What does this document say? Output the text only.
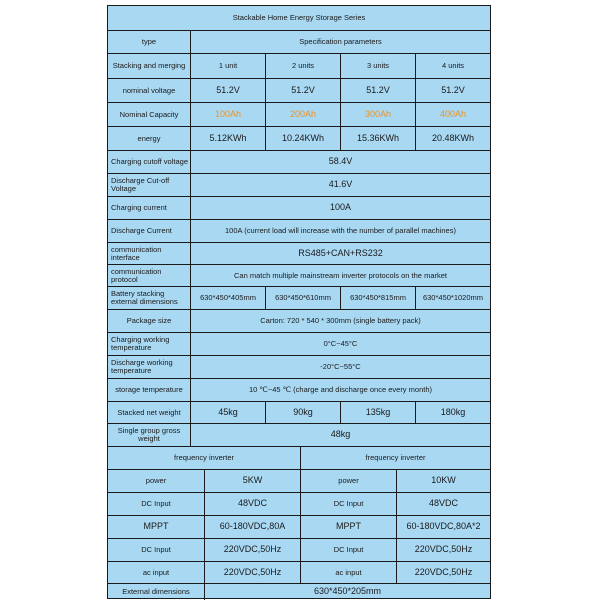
Stackable Home Energy Storage Series
type	Specification parameters
Stacking and merging	1 unit	2 units	3 units	4 units
nominal voltage	51.2V	51.2V	51.2V	51.2V
Nominal Capacity	100Ah	200Ah	300Ah	400Ah
energy	5.12KWh	10.24KWh	15.36KWh	20.48KWh
Charging cutoff voltage	58.4V
Discharge Cut-off Voltage	41.6V
Charging current	100A
Discharge Current	100A (current load will increase with the number of parallel machines)
communication interface	RS485+CAN+RS232
communication protocol	Can match multiple mainstream inverter protocols on the market
Battery stacking external dimensions	630*450*405mm	630*450*610mm	630*450*815mm	630*450*1020mm
Package size	Carton: 720 * 540 * 300mm (single battery pack)
Charging working temperature	0°C~45°C
Discharge working temperature	-20°C~55°C
storage temperature	10 ℃~45 ℃ (charge and discharge once every month)
Stacked net weight	45kg	90kg	135kg	180kg
Single group gross weight	48kg
frequency inverter	frequency inverter
power	5KW	power	10KW
DC Input	48VDC	DC Input	48VDC
MPPT	60-180VDC,80A	MPPT	60-180VDC,80A*2
DC Input	220VDC,50Hz	DC Input	220VDC,50Hz
ac input	220VDC,50Hz	ac input	220VDC,50Hz
External dimensions	630*450*205mm
